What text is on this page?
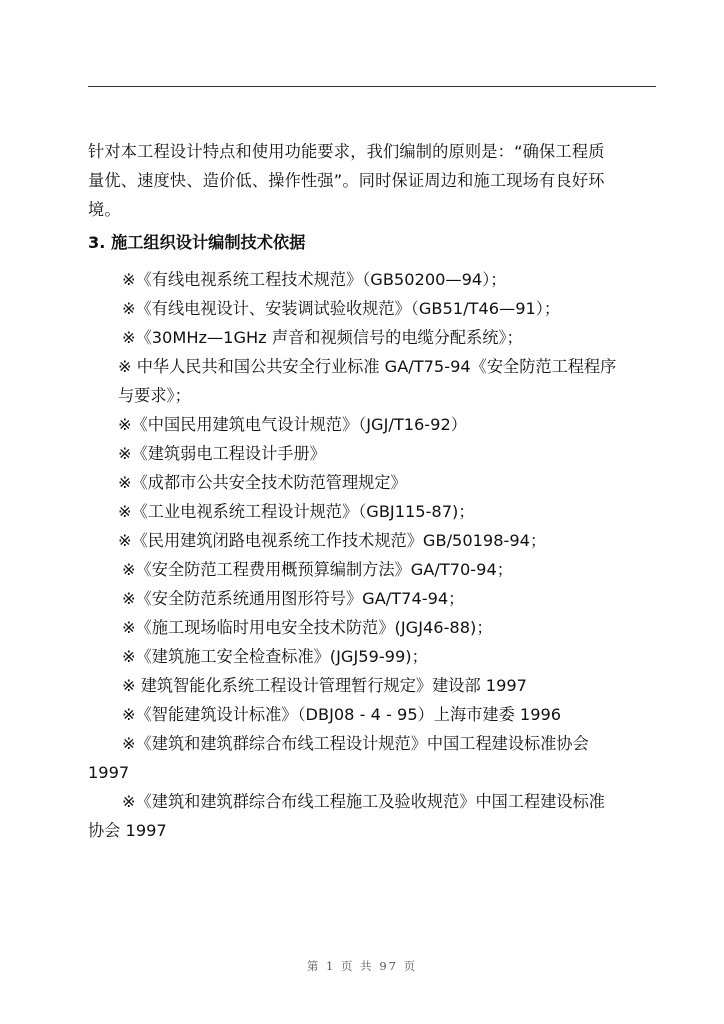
针对本工程设计特点和使用功能要求，我们编制的原则是：“确保工程质
量优、速度快、造价低、操作性强”。同时保证周边和施工现场有良好环
境。

3. 施工组织设计编制技术依据
※《有线电视系统工程技术规范》（GB50200—94）；
※《有线电视设计、安装调试验收规范》（GB51/T46—91）；
※《30MHz—1GHz 声音和视频信号的电缆分配系统》；
※ 中华人民共和国公共安全行业标准 GA/T75-94《安全防范工程程序
与要求》；
※《中国民用建筑电气设计规范》（JGJ/T16-92）
※《建筑弱电工程设计手册》
※《成都市公共安全技术防范管理规定》
※《工业电视系统工程设计规范》（GBJ115-87)；
※《民用建筑闭路电视系统工作技术规范》GB/50198-94；
※《安全防范工程费用概预算编制方法》GA/T70-94；
※《安全防范系统通用图形符号》GA/T74-94；
※《施工现场临时用电安全技术防范》(JGJ46-88)；
※《建筑施工安全检查标准》(JGJ59-99)；
※ 建筑智能化系统工程设计管理暂行规定》建设部 1997
※《智能建筑设计标准》（DBJ08 - 4 - 95）上海市建委 1996
※《建筑和建筑群综合布线工程设计规范》中国工程建设标准协会
1997
※《建筑和建筑群综合布线工程施工及验收规范》中国工程建设标准
协会 1997
第 1 页 共 97 页
